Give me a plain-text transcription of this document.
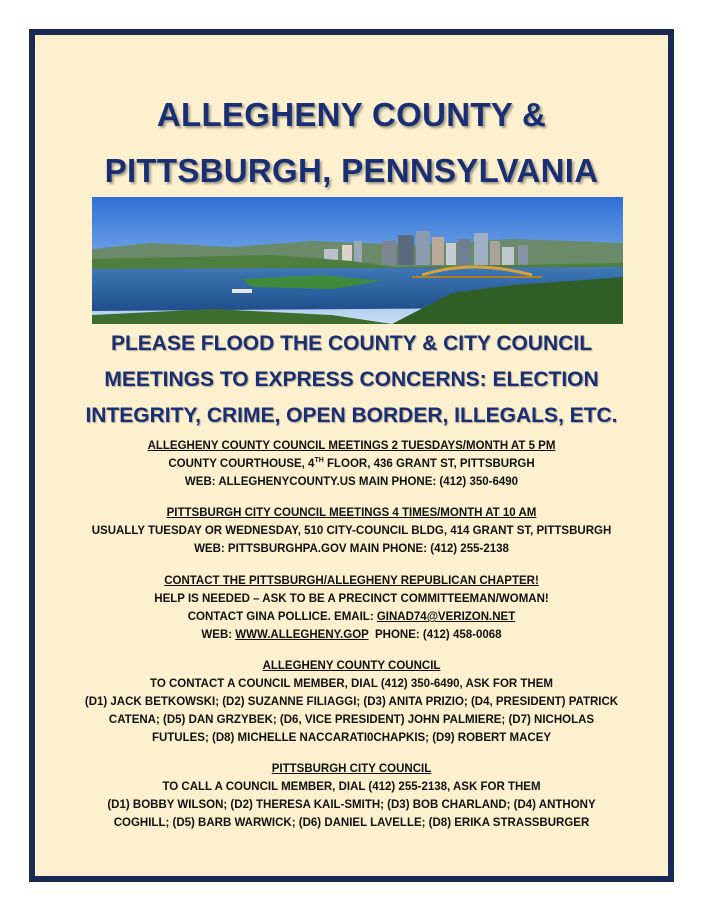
ALLEGHENY COUNTY &
PITTSBURGH, PENNSYLVANIA
PLEASE FLOOD THE COUNTY & CITY COUNCIL
MEETINGS TO EXPRESS CONCERNS: ELECTION
INTEGRITY, CRIME, OPEN BORDER, ILLEGALS, ETC.
ALLEGHENY COUNTY COUNCIL MEETINGS 2 TUESDAYS/MONTH AT 5 PM
COUNTY COURTHOUSE, 4TH FLOOR, 436 GRANT ST, PITTSBURGH
WEB: ALLEGHENYCOUNTY.US MAIN PHONE: (412) 350-6490
PITTSBURGH CITY COUNCIL MEETINGS 4 TIMES/MONTH AT 10 AM
USUALLY TUESDAY OR WEDNESDAY, 510 CITY-COUNCIL BLDG, 414 GRANT ST, PITTSBURGH
WEB: PITTSBURGHPA.GOV MAIN PHONE: (412) 255-2138
CONTACT THE PITTSBURGH/ALLEGHENY REPUBLICAN CHAPTER!
HELP IS NEEDED – ASK TO BE A PRECINCT COMMITTEEMAN/WOMAN!
CONTACT GINA POLLICE. EMAIL: GINAD74@VERIZON.NET
WEB: WWW.ALLEGHENY.GOP  PHONE: (412) 458-0068
ALLEGHENY COUNTY COUNCIL
TO CONTACT A COUNCIL MEMBER, DIAL (412) 350-6490, ASK FOR THEM
(D1) JACK BETKOWSKI; (D2) SUZANNE FILIAGGI; (D3) ANITA PRIZIO; (D4, PRESIDENT) PATRICK
CATENA; (D5) DAN GRZYBEK; (D6, VICE PRESIDENT) JOHN PALMIERE; (D7) NICHOLAS
FUTULES; (D8) MICHELLE NACCARATI0CHAPKIS; (D9) ROBERT MACEY
PITTSBURGH CITY COUNCIL
TO CALL A COUNCIL MEMBER, DIAL (412) 255-2138, ASK FOR THEM
(D1) BOBBY WILSON; (D2) THERESA KAIL-SMITH; (D3) BOB CHARLAND; (D4) ANTHONY
COGHILL; (D5) BARB WARWICK; (D6) DANIEL LAVELLE; (D8) ERIKA STRASSBURGER
